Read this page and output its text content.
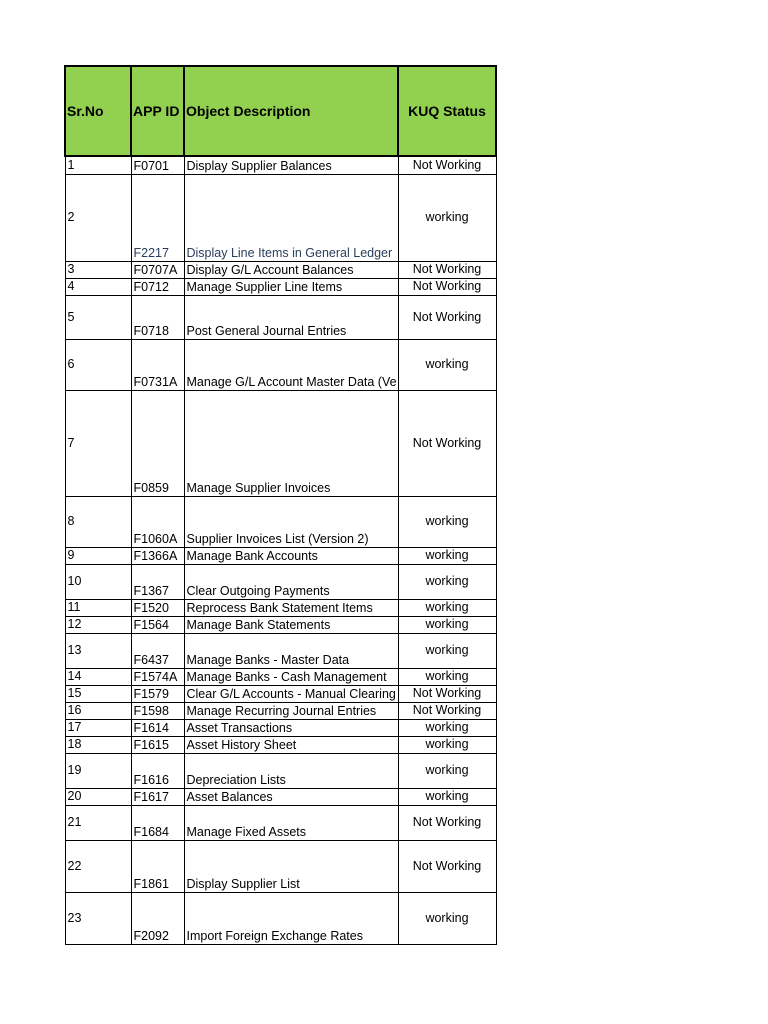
Sr.No	APP ID	Object Description	KUQ Status
1	F0701	Display Supplier Balances	Not Working
2	F2217	Display Line Items in General Ledger	working
3	F0707A	Display G/L Account Balances	Not Working
4	F0712	Manage Supplier Line Items	Not Working
5	F0718	Post General Journal Entries	Not Working
6	F0731A	Manage G/L Account Master Data (Ve	working
7	F0859	Manage Supplier Invoices	Not Working
8	F1060A	Supplier Invoices List (Version 2)	working
9	F1366A	Manage Bank Accounts	working
10	F1367	Clear Outgoing Payments	working
11	F1520	Reprocess Bank Statement Items	working
12	F1564	Manage Bank Statements	working
13	F6437	Manage Banks - Master Data	working
14	F1574A	Manage Banks - Cash Management	working
15	F1579	Clear G/L Accounts - Manual Clearing	Not Working
16	F1598	Manage Recurring Journal Entries	Not Working
17	F1614	Asset Transactions	working
18	F1615	Asset History Sheet	working
19	F1616	Depreciation Lists	working
20	F1617	Asset Balances	working
21	F1684	Manage Fixed Assets	Not Working
22	F1861	Display Supplier List	Not Working
23	F2092	Import Foreign Exchange Rates	working
